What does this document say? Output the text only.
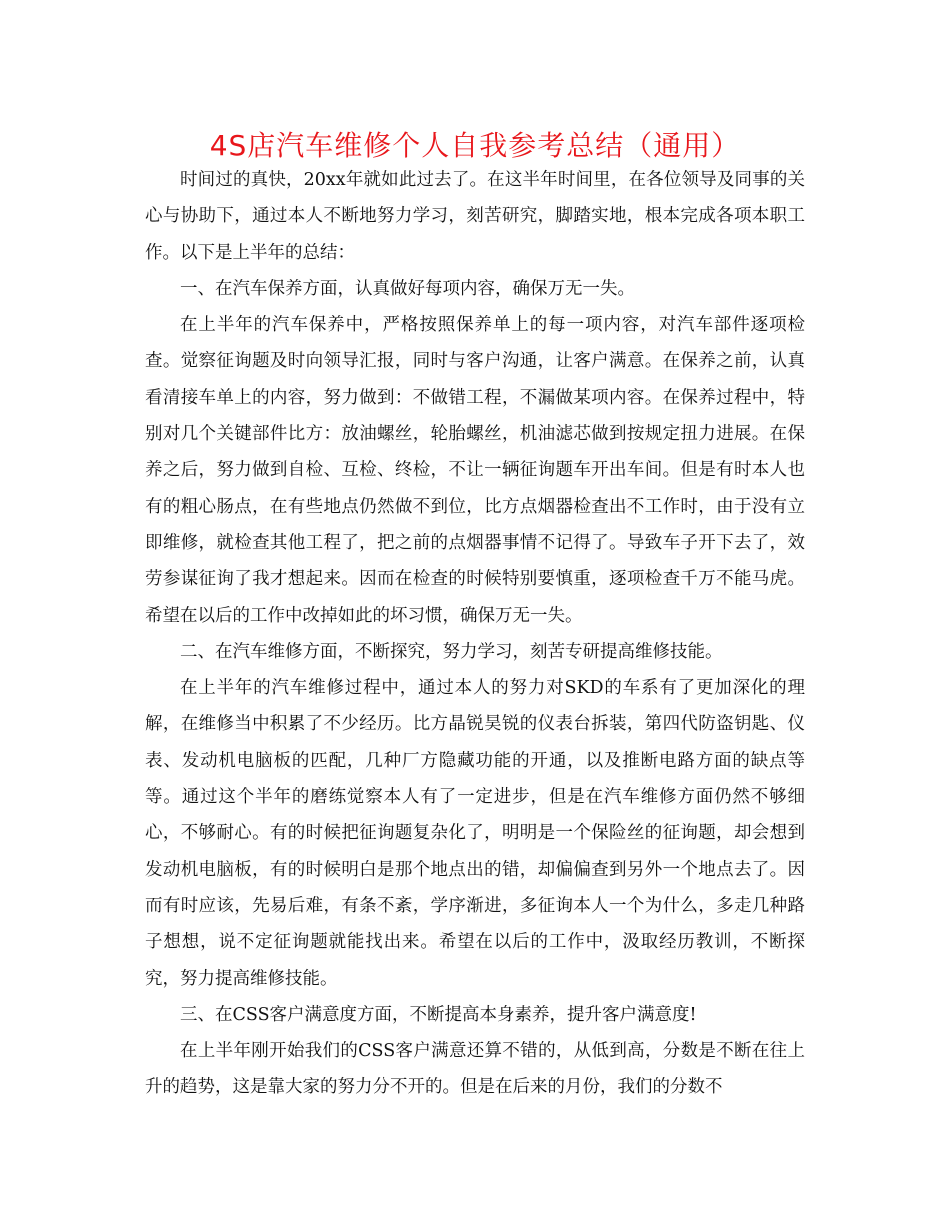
4S店汽车维修个人自我参考总结（通用）

时间过的真快，20xx年就如此过去了。在这半年时间里，在各位领导及同事的关心与协助下，通过本人不断地努力学习，刻苦研究，脚踏实地，根本完成各项本职工作。以下是上半年的总结：

一、在汽车保养方面，认真做好每项内容，确保万无一失。

在上半年的汽车保养中，严格按照保养单上的每一项内容，对汽车部件逐项检查。觉察征询题及时向领导汇报，同时与客户沟通，让客户满意。在保养之前，认真看清接车单上的内容，努力做到：不做错工程，不漏做某项内容。在保养过程中，特别对几个关键部件比方：放油螺丝，轮胎螺丝，机油滤芯做到按规定扭力进展。在保养之后，努力做到自检、互检、终检，不让一辆征询题车开出车间。但是有时本人也有的粗心肠点，在有些地点仍然做不到位，比方点烟器检查出不工作时，由于没有立即维修，就检查其他工程了，把之前的点烟器事情不记得了。导致车子开下去了，效劳参谋征询了我才想起来。因而在检查的时候特别要慎重，逐项检查千万不能马虎。希望在以后的工作中改掉如此的坏习惯，确保万无一失。

二、在汽车维修方面，不断探究，努力学习，刻苦专研提高维修技能。

在上半年的汽车维修过程中，通过本人的努力对SKD的车系有了更加深化的理解，在维修当中积累了不少经历。比方晶锐昊锐的仪表台拆装，第四代防盗钥匙、仪表、发动机电脑板的匹配，几种厂方隐藏功能的开通，以及推断电路方面的缺点等等。通过这个半年的磨练觉察本人有了一定进步，但是在汽车维修方面仍然不够细心，不够耐心。有的时候把征询题复杂化了，明明是一个保险丝的征询题，却会想到发动机电脑板，有的时候明白是那个地点出的错，却偏偏查到另外一个地点去了。因而有时应该，先易后难，有条不紊，学序渐进，多征询本人一个为什么，多走几种路子想想，说不定征询题就能找出来。希望在以后的工作中，汲取经历教训，不断探究，努力提高维修技能。

三、在CSS客户满意度方面，不断提高本身素养，提升客户满意度!

在上半年刚开始我们的CSS客户满意还算不错的，从低到高，分数是不断在往上升的趋势，这是靠大家的努力分不开的。但是在后来的月份，我们的分数不
